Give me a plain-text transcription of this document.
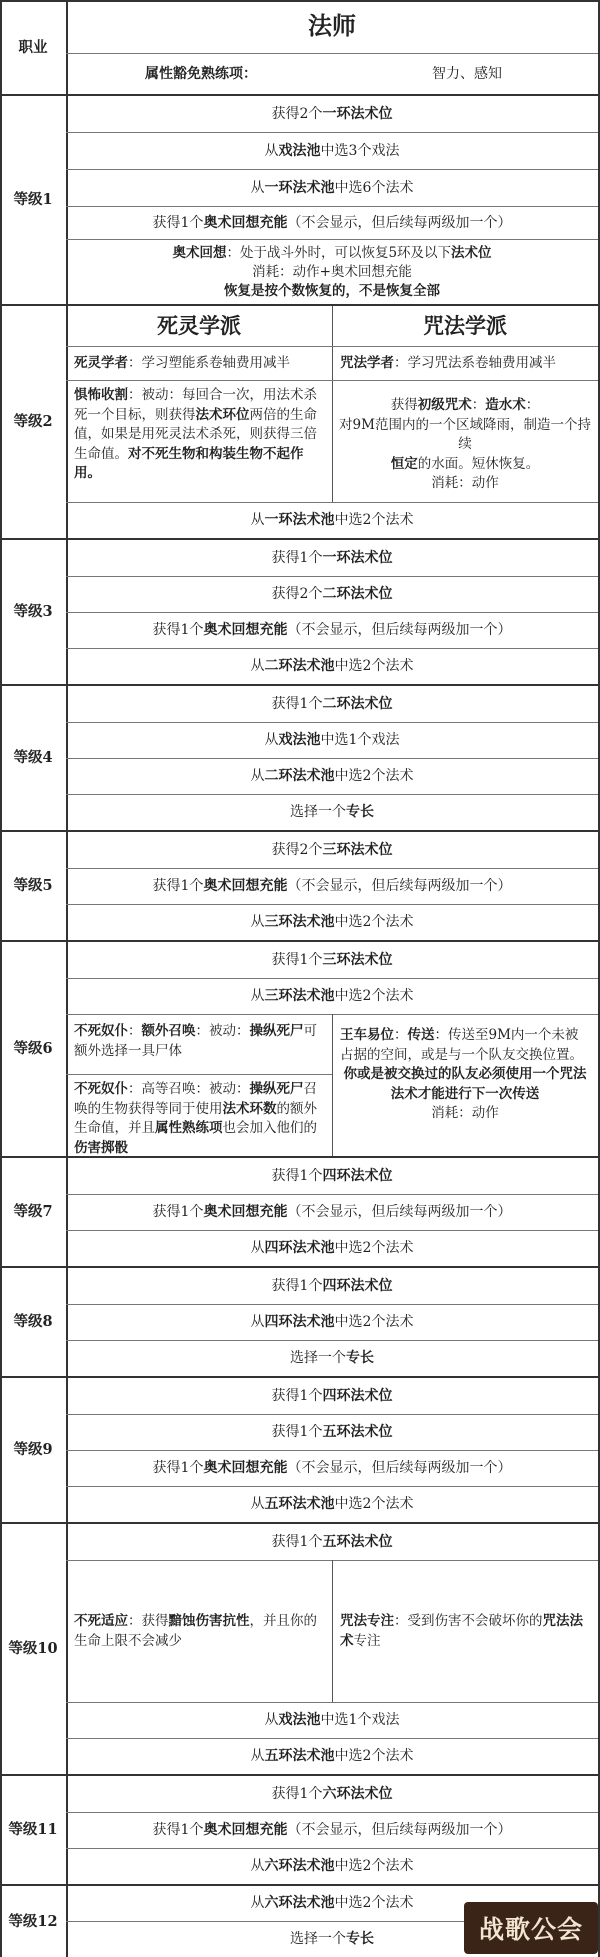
职业
法师
属性豁免熟练项：	智力、感知
等级1
获得2个一环法术位
从戏法池中选3个戏法
从一环法术池中选6个法术
获得1个奥术回想充能（不会显示，但后续每两级加一个）
奥术回想：处于战斗外时，可以恢复5环及以下法术位
消耗：动作+奥术回想充能
恢复是按个数恢复的，不是恢复全部
等级2
死灵学派	咒法学派
死灵学者：学习塑能系卷轴费用减半	咒法学者：学习咒法系卷轴费用减半
惧怖收割：被动：每回合一次，用法术杀死一个目标，则获得法术环位两倍的生命值，如果是用死灵法术杀死，则获得三倍生命值。对不死生物和构装生物不起作用。
获得初级咒术：造水术：
对9M范围内的一个区域降雨，制造一个持续
恒定的水面。短休恢复。
消耗：动作
从一环法术池中选2个法术
等级3
获得1个一环法术位
获得2个二环法术位
获得1个奥术回想充能（不会显示，但后续每两级加一个）
从二环法术池中选2个法术
等级4
获得1个二环法术位
从戏法池中选1个戏法
从二环法术池中选2个法术
选择一个专长
等级5
获得2个三环法术位
获得1个奥术回想充能（不会显示，但后续每两级加一个）
从三环法术池中选2个法术
等级6
获得1个三环法术位
从三环法术池中选2个法术
不死奴仆：额外召唤：被动：操纵死尸可额外选择一具尸体
不死奴仆：高等召唤：被动：操纵死尸召唤的生物获得等同于使用法术环数的额外生命值，并且属性熟练项也会加入他们的伤害掷骰
王车易位：传送：传送至9M内一个未被占据的空间，或是与一个队友交换位置。
你或是被交换过的队友必须使用一个咒法法术才能进行下一次传送
消耗：动作
等级7
获得1个四环法术位
获得1个奥术回想充能（不会显示，但后续每两级加一个）
从四环法术池中选2个法术
等级8
获得1个四环法术位
从四环法术池中选2个法术
选择一个专长
等级9
获得1个四环法术位
获得1个五环法术位
获得1个奥术回想充能（不会显示，但后续每两级加一个）
从五环法术池中选2个法术
等级10
获得1个五环法术位
不死适应：获得黯蚀伤害抗性，并且你的生命上限不会减少
咒法专注：受到伤害不会破坏你的咒法法术专注
从戏法池中选1个戏法
从五环法术池中选2个法术
等级11
获得1个六环法术位
获得1个奥术回想充能（不会显示，但后续每两级加一个）
从六环法术池中选2个法术
等级12
从六环法术池中选2个法术
选择一个专长	战歌公会
